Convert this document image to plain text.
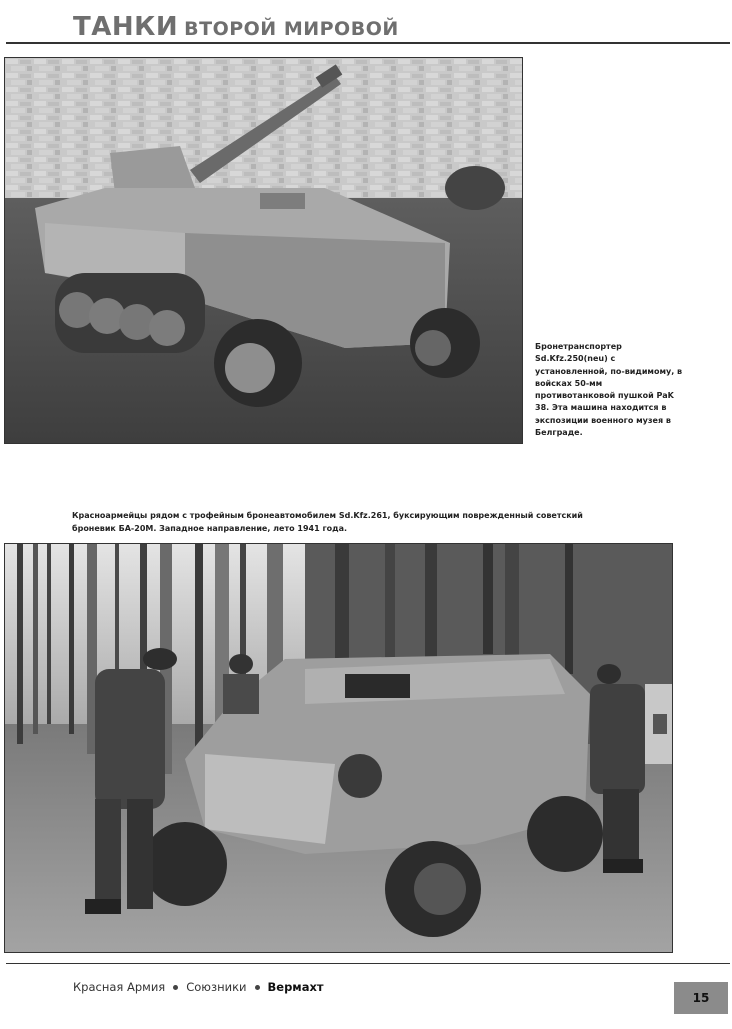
ТАНКИ ВТОРОЙ МИРОВОЙ
Бронетранспортер Sd.Kfz.250(neu) с установленной, по-видимому, в войсках 50-мм противотанковой пушкой PaK 38. Эта машина находится в экспозиции военного музея в Белграде.
Красноармейцы рядом с трофейным бронеавтомобилем Sd.Kfz.261, буксирующим поврежденный советский броневик БА-20М. Западное направление, лето 1941 года.
Красная Армия Союзники Вермахт
15
